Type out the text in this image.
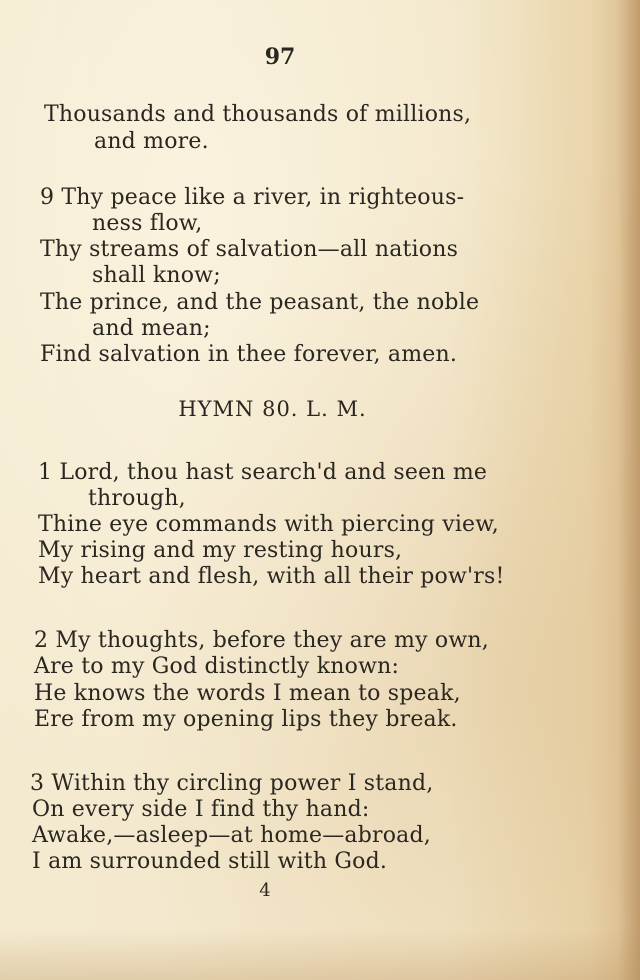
97
Thousands and thousands of millions,
and more.
9 Thy peace like a river, in righteous-
ness flow,
Thy streams of salvation—all nations
shall know;
The prince, and the peasant, the noble
and mean;
Find salvation in thee forever, amen.
HYMN 80. L. M.
1 Lord, thou hast search'd and seen me
through,
Thine eye commands with piercing view,
My rising and my resting hours,
My heart and flesh, with all their pow'rs!
2 My thoughts, before they are my own,
Are to my God distinctly known:
He knows the words I mean to speak,
Ere from my opening lips they break.
3 Within thy circling power I stand,
On every side I find thy hand:
Awake,—asleep—at home—abroad,
I am surrounded still with God.
4
